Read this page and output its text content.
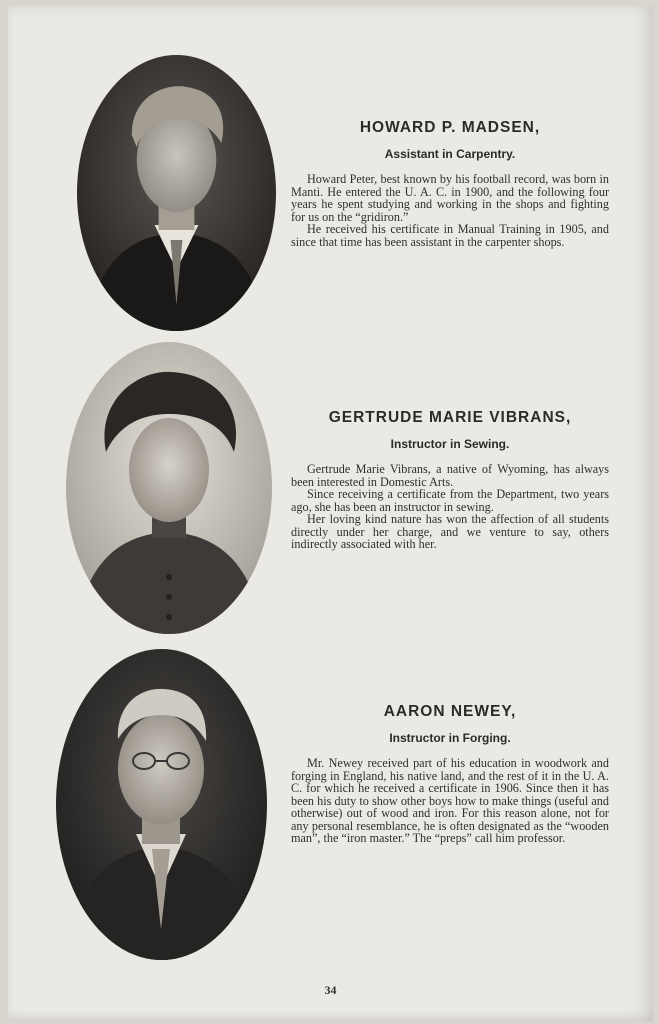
HOWARD P. MADSEN,
Assistant in Carpentry.

Howard Peter, best known by his football record, was born in Manti. He entered the U. A. C. in 1900, and the following four years he spent studying and working in the shops and fighting for us on the “gridiron.”

He received his certificate in Manual Training in 1905, and since that time has been assistant in the carpenter shops.

GERTRUDE MARIE VIBRANS,
Instructor in Sewing.

Gertrude Marie Vibrans, a native of Wyoming, has always been interested in Domestic Arts.

Since receiving a certificate from the Department, two years ago, she has been an instructor in sewing.

Her loving kind nature has won the affection of all students directly under her charge, and we venture to say, others indirectly associated with her.

AARON NEWEY,
Instructor in Forging.

Mr. Newey received part of his education in woodwork and forging in England, his native land, and the rest of it in the U. A. C. for which he received a certificate in 1906. Since then it has been his duty to show other boys how to make things (useful and otherwise) out of wood and iron. For this reason alone, not for any personal resemblance, he is often designated as the “wooden man”, the “iron master.” The “preps” call him professor.

34
